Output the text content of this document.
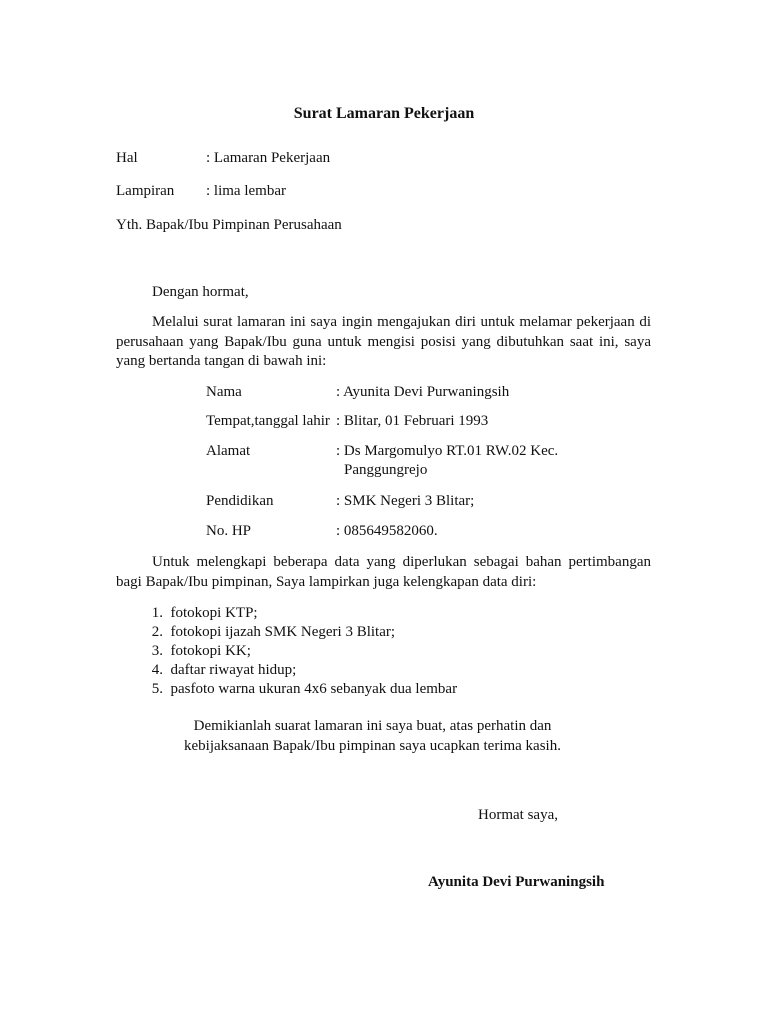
Surat Lamaran Pekerjaan
Hal	: Lamaran Pekerjaan
Lampiran : lima lembar
Yth. Bapak/Ibu Pimpinan Perusahaan
Dengan hormat,
Melalui surat lamaran ini saya ingin mengajukan diri untuk melamar pekerjaan di perusahaan yang Bapak/Ibu guna untuk mengisi posisi yang dibutuhkan saat ini, saya yang bertanda tangan di bawah ini:
Nama	: Ayunita Devi Purwaningsih
Tempat,tanggal lahir : Blitar, 01 Februari 1993
Alamat	: Ds Margomulyo RT.01 RW.02 Kec. Panggungrejo
Pendidikan	: SMK Negeri 3 Blitar;
No. HP	: 085649582060.
Untuk melengkapi beberapa data yang diperlukan sebagai bahan pertimbangan bagi Bapak/Ibu pimpinan, Saya lampirkan juga kelengkapan data diri:
1. fotokopi KTP;
2. fotokopi ijazah SMK Negeri 3 Blitar;
3. fotokopi KK;
4. daftar riwayat hidup;
5. pasfoto warna ukuran 4x6 sebanyak dua lembar
Demikianlah suarat lamaran ini saya buat, atas perhatin dan kebijaksanaan Bapak/Ibu pimpinan saya ucapkan terima kasih.
Hormat saya,
Ayunita Devi Purwaningsih
